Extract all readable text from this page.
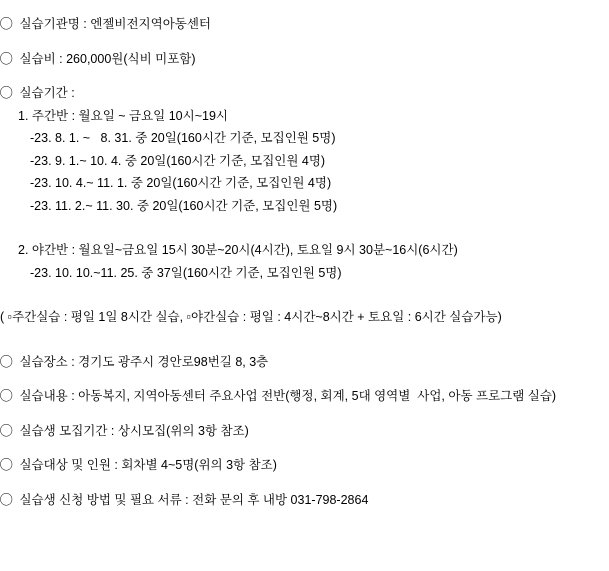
◯  실습기관명 : 엔젤비전지역아동센터
◯  실습비 : 260,000원(식비 미포함)
◯  실습기간 :
1. 주간반 : 월요일 ~ 금요일 10시~19시
-23. 8. 1. ~   8. 31. 중 20일(160시간 기준, 모집인원 5명)
-23. 9. 1.~ 10. 4. 중 20일(160시간 기준, 모집인원 4명)
-23. 10. 4.~ 11. 1. 중 20일(160시간 기준, 모집인원 4명)
-23. 11. 2.~ 11. 30. 중 20일(160시간 기준, 모집인원 5명)
2. 야간반 : 월요일~금요일 15시 30분~20시(4시간), 토요일 9시 30분~16시(6시간)
-23. 10. 10.~11. 25. 중 37일(160시간 기준, 모집인원 5명)
( ▫주간실습 : 평일 1일 8시간 실습, ▫야간실습 : 평일 : 4시간~8시간 + 토요일 : 6시간 실습가능)
◯  실습장소 : 경기도 광주시 경안로98번길 8, 3층
◯  실습내용 : 아동복지, 지역아동센터 주요사업 전반(행정, 회계, 5대 영역별  사업, 아동 프로그램 실습)
◯  실습생 모집기간 : 상시모집(위의 3항 참조)
◯  실습대상 및 인원 : 회차별 4~5명(위의 3항 참조)
◯  실습생 신청 방법 및 필요 서류 : 전화 문의 후 내방 031-798-2864
